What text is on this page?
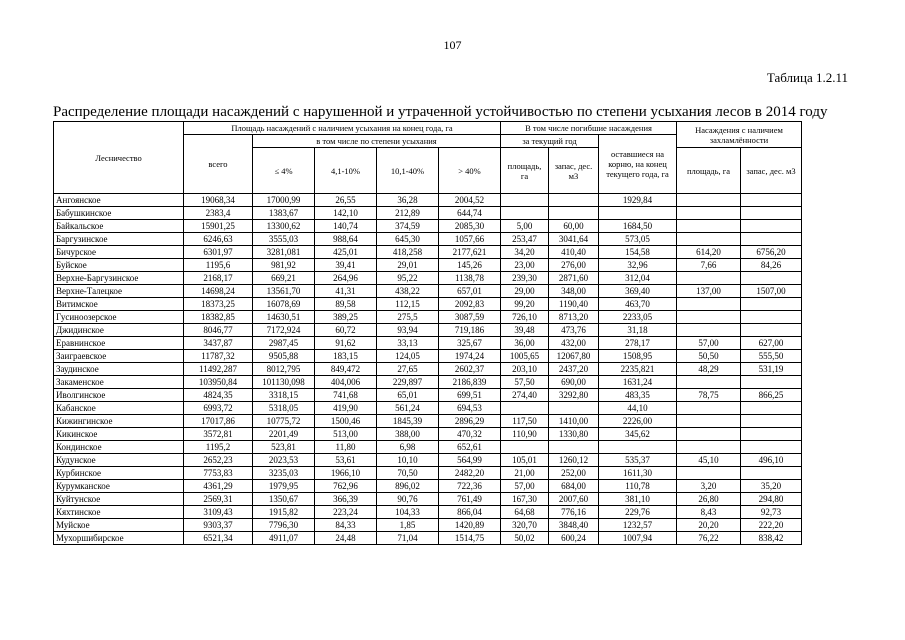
107
Таблица 1.2.11
Распределение площади насаждений с нарушенной и утраченной устойчивостью по степени усыхания лесов в 2014 году
Лесничество	Площадь насаждений с наличием усыхания на конец года, га					В том числе погибшие насаждения			Насаждения с наличием захламлённости	
	всего	в том числе по степени усыхания				за текущий год		оставшиеся на корню, на конец текущего года, га		
		≤ 4%	4,1-10%	10,1-40%	> 40%	площадь, га	запас, дес. м3		площадь, га	запас, дес. м3
Ангоянское	19068,34	17000,99	26,55	36,28	2004,52			1929,84		
Бабушкинское	2383,4	1383,67	142,10	212,89	644,74					
Байкальское	15901,25	13300,62	140,74	374,59	2085,30	5,00	60,00	1684,50		
Баргузинское	6246,63	3555,03	988,64	645,30	1057,66	253,47	3041,64	573,05		
Бичурское	6301,97	3281,081	425,01	418,258	2177,621	34,20	410,40	154,58	614,20	6756,20
Буйское	1195,6	981,92	39,41	29,01	145,26	23,00	276,00	32,96	7,66	84,26
Верхне-Баргузинское	2168,17	669,21	264,96	95,22	1138,78	239,30	2871,60	312,04		
Верхне-Талецкое	14698,24	13561,70	41,31	438,22	657,01	29,00	348,00	369,40	137,00	1507,00
Витимское	18373,25	16078,69	89,58	112,15	2092,83	99,20	1190,40	463,70		
Гусиноозерское	18382,85	14630,51	389,25	275,5	3087,59	726,10	8713,20	2233,05		
Джидинское	8046,77	7172,924	60,72	93,94	719,186	39,48	473,76	31,18		
Еравнинское	3437,87	2987,45	91,62	33,13	325,67	36,00	432,00	278,17	57,00	627,00
Заиграевское	11787,32	9505,88	183,15	124,05	1974,24	1005,65	12067,80	1508,95	50,50	555,50
Заудинское	11492,287	8012,795	849,472	27,65	2602,37	203,10	2437,20	2235,821	48,29	531,19
Закаменское	103950,84	101130,098	404,006	229,897	2186,839	57,50	690,00	1631,24		
Иволгинское	4824,35	3318,15	741,68	65,01	699,51	274,40	3292,80	483,35	78,75	866,25
Кабанское	6993,72	5318,05	419,90	561,24	694,53			44,10		
Кижингинское	17017,86	10775,72	1500,46	1845,39	2896,29	117,50	1410,00	2226,00		
Кикинское	3572,81	2201,49	513,00	388,00	470,32	110,90	1330,80	345,62		
Кондинское	1195,2	523,81	11,80	6,98	652,61					
Кудунское	2652,23	2023,53	53,61	10,10	564,99	105,01	1260,12	535,37	45,10	496,10
Курбинское	7753,83	3235,03	1966,10	70,50	2482,20	21,00	252,00	1611,30		
Курумканское	4361,29	1979,95	762,96	896,02	722,36	57,00	684,00	110,78	3,20	35,20
Куйтунское	2569,31	1350,67	366,39	90,76	761,49	167,30	2007,60	381,10	26,80	294,80
Кяхтинское	3109,43	1915,82	223,24	104,33	866,04	64,68	776,16	229,76	8,43	92,73
Муйское	9303,37	7796,30	84,33	1,85	1420,89	320,70	3848,40	1232,57	20,20	222,20
Мухоршибирское	6521,34	4911,07	24,48	71,04	1514,75	50,02	600,24	1007,94	76,22	838,42
